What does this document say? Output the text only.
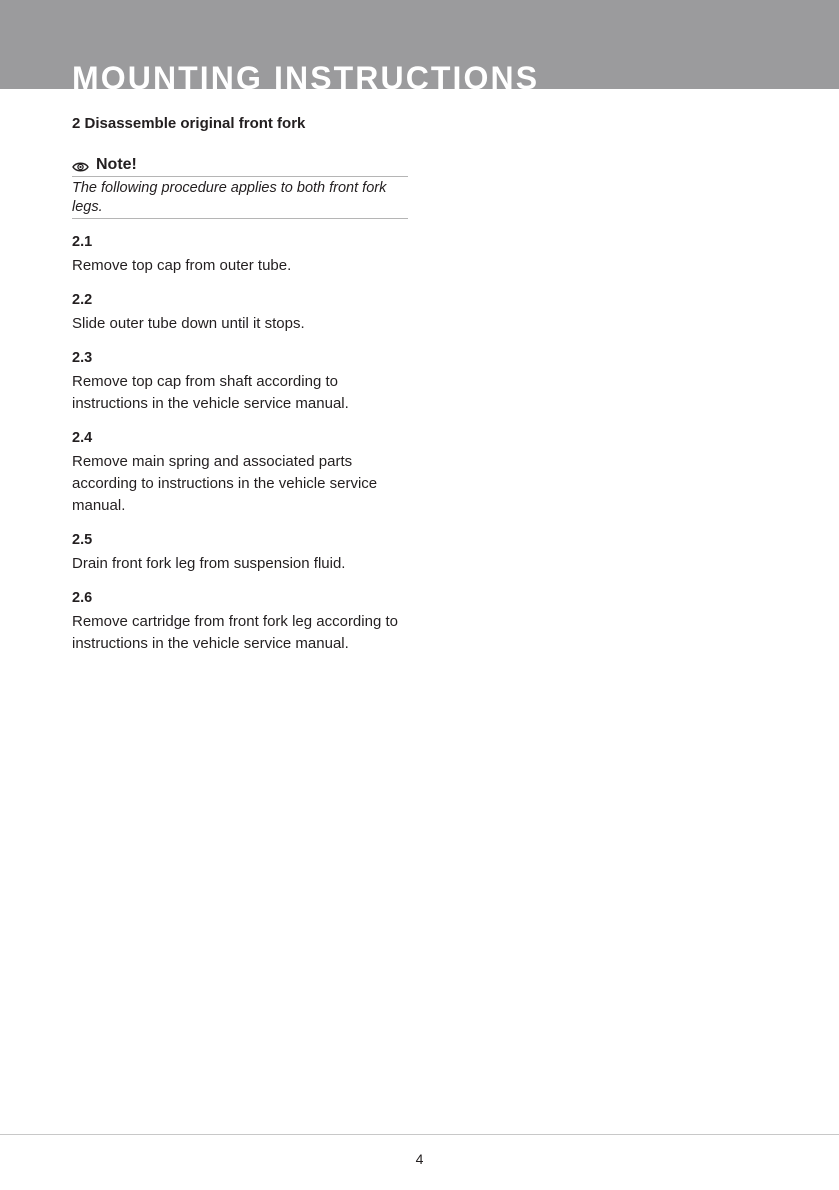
MOUNTING INSTRUCTIONS
2 Disassemble original front fork
Note!

The following procedure applies to both front fork legs.

2.1

Remove top cap from outer tube.

2.2

Slide outer tube down until it stops.

2.3

Remove top cap from shaft according to instructions in the vehicle service manual.

2.4

Remove main spring and associated parts according to instructions in the vehicle service manual.

2.5

Drain front fork leg from suspension fluid.

2.6

Remove cartridge from front fork leg according to instructions in the vehicle service manual.

4
